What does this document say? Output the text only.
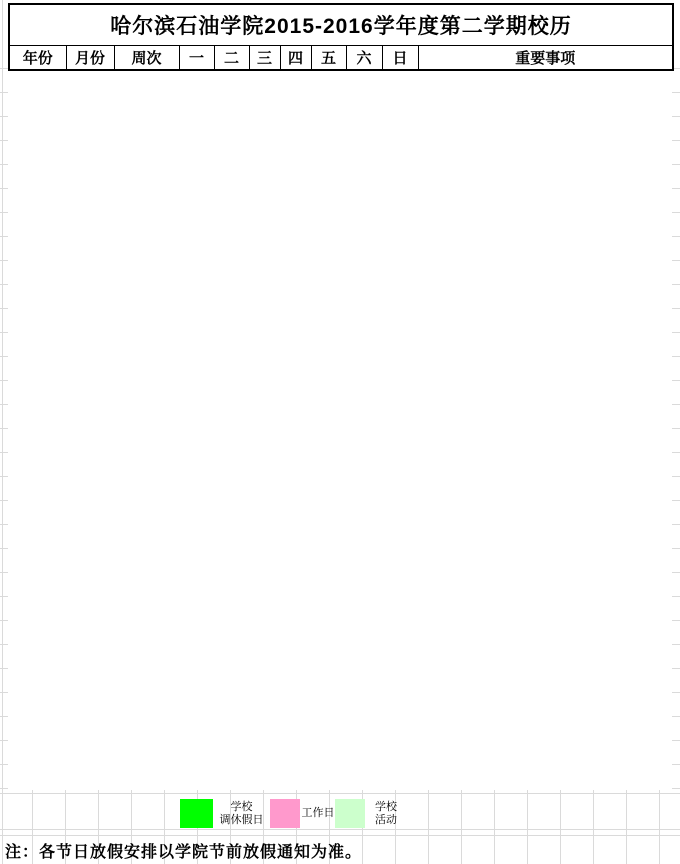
哈尔滨石油学院2015-2016学年度第二学期校历
年份	月份	周次	一	二	三	四	五	六	日	重要事项
学校
调休假日
工作日	学校
活动
注：各节日放假安排以学院节前放假通知为准。
